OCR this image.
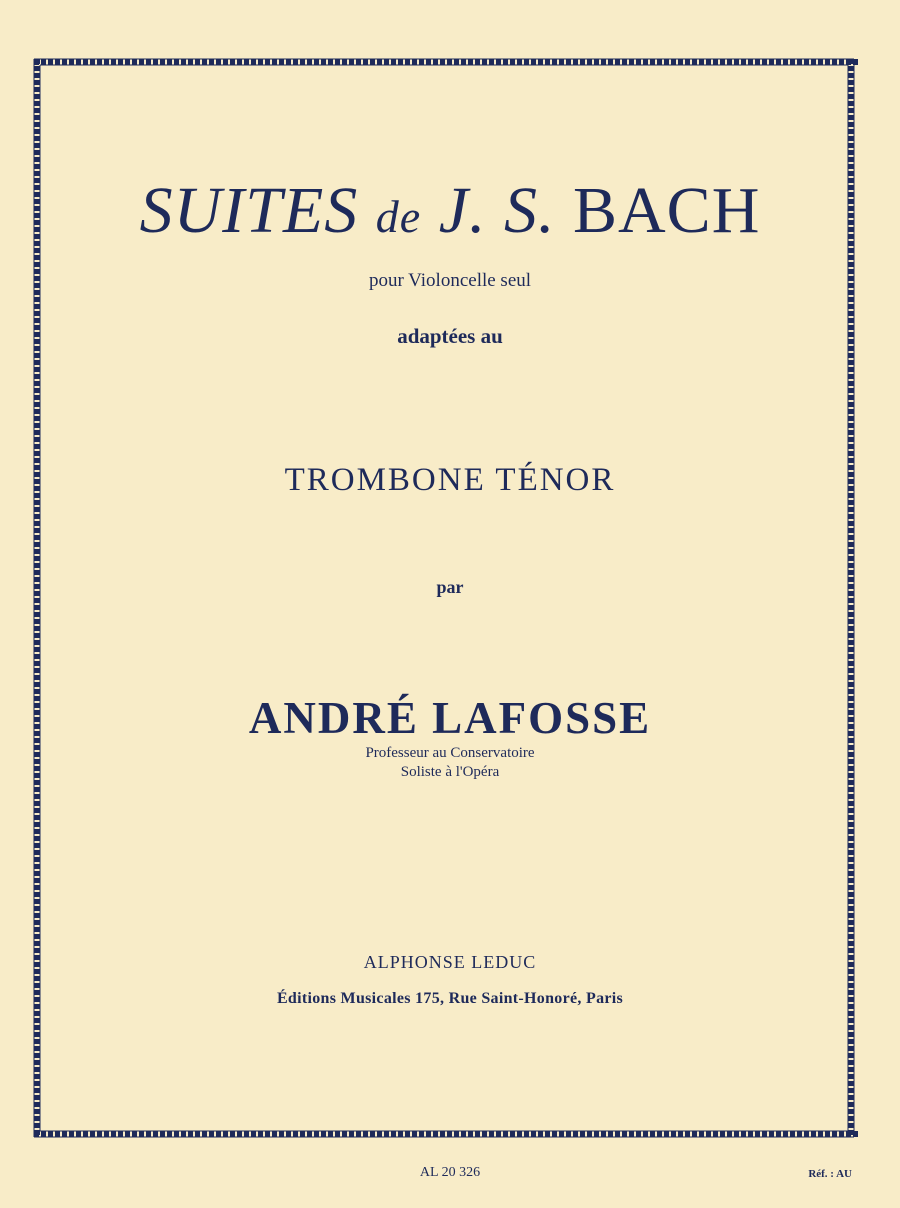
SUITES de J. S. BACH
pour Violoncelle seul
adaptées au
TROMBONE TÉNOR
par
ANDRÉ LAFOSSE
Professeur au Conservatoire
Soliste à l'Opéra
ALPHONSE LEDUC
Éditions Musicales 175, Rue Saint-Honoré, Paris
AL 20 326	Réf. : AU
